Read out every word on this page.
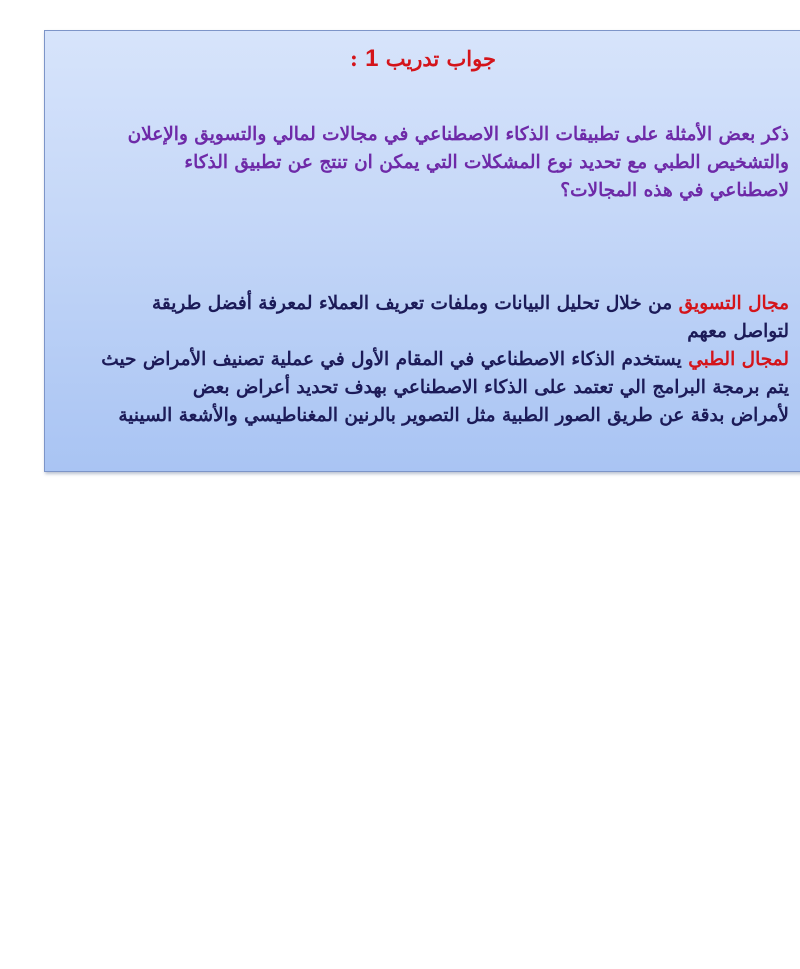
جواب تدريب 1 :
ذكر بعض الأمثلة على تطبيقات الذكاء الاصطناعي في مجالات لمالي والتسويق والإعلان
والتشخيص الطبي مع تحديد نوع المشكلات التي يمكن ان تنتج عن تطبيق الذكاء
لاصطناعي في هذه المجالات؟
مجال التسويق من خلال تحليل البيانات وملفات تعريف العملاء لمعرفة أفضل طريقة
لتواصل معهم
لمجال الطبي يستخدم الذكاء الاصطناعي في المقام الأول في عملية تصنيف الأمراض حيث
يتم برمجة البرامج الي تعتمد على الذكاء الاصطناعي بهدف تحديد أعراض بعض
لأمراض بدقة عن طريق الصور الطبية مثل التصوير بالرنين المغناطيسي والأشعة السينية
